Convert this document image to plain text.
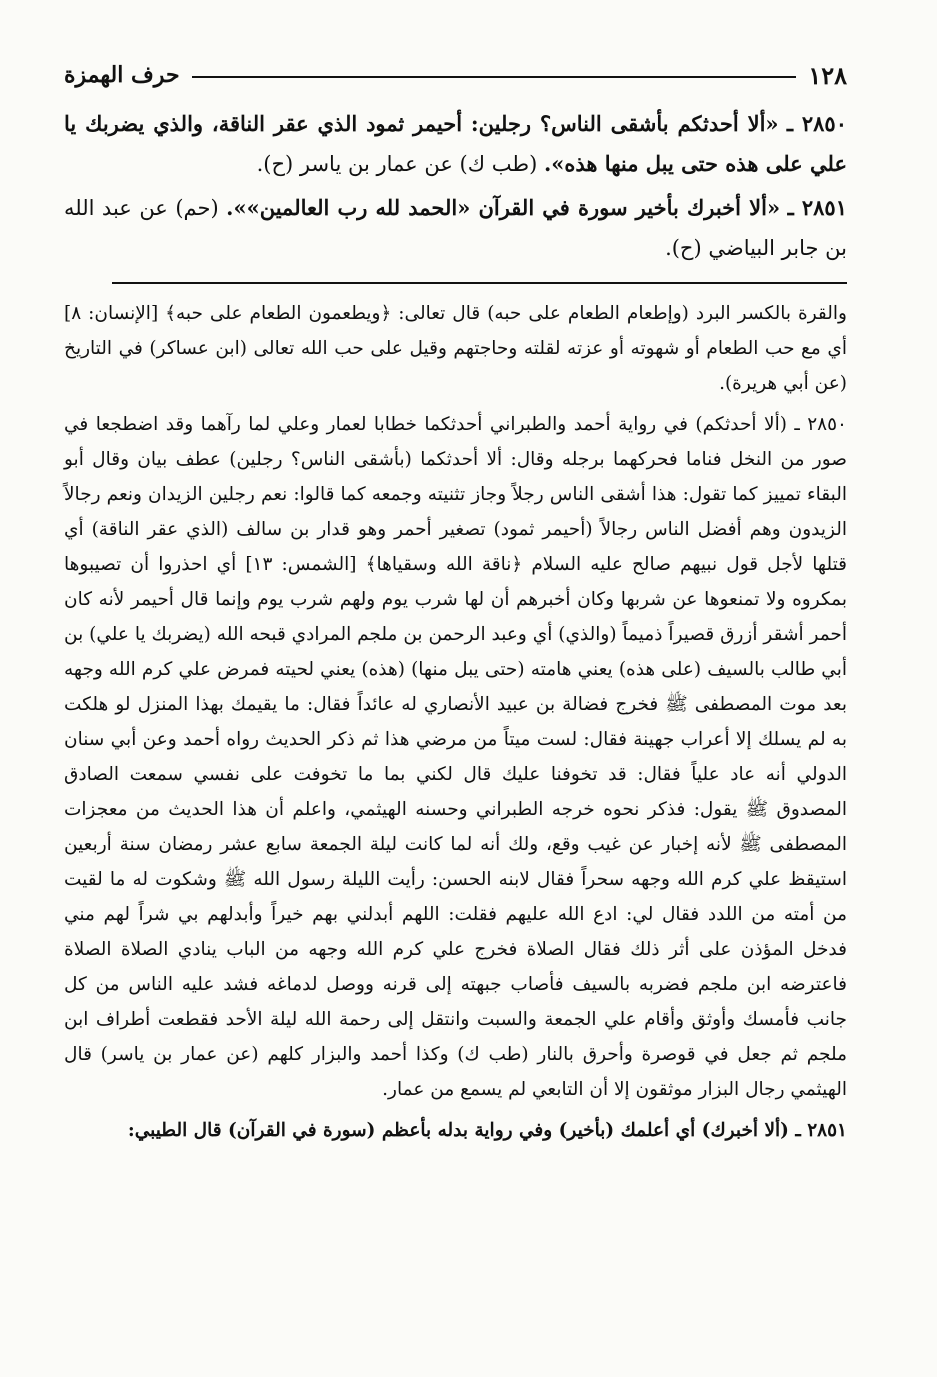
١٢٨
حرف الهمزة

٢٨٥٠ ـ «ألا أحدثكم بأشقى الناس؟ رجلين: أحيمر ثمود الذي عقر الناقة، والذي يضربك يا علي على هذه حتى يبل منها هذه». (طب ك) عن عمار بن ياسر (ح).

٢٨٥١ ـ «ألا أخبرك بأخير سورة في القرآن «الحمد لله رب العالمين»». (حم) عن عبد الله بن جابر البياضي (ح).

والقرة بالكسر البرد (وإطعام الطعام على حبه) قال تعالى: ﴿ويطعمون الطعام على حبه﴾ [الإنسان: ٨] أي مع حب الطعام أو شهوته أو عزته لقلته وحاجتهم وقيل على حب الله تعالى (ابن عساكر) في التاريخ (عن أبي هريرة).

٢٨٥٠ ـ (ألا أحدثكم) في رواية أحمد والطبراني أحدثكما خطابا لعمار وعلي لما رآهما وقد اضطجعا في صور من النخل فناما فحركهما برجله وقال: ألا أحدثكما (بأشقى الناس؟ رجلين) عطف بيان وقال أبو البقاء تمييز كما تقول: هذا أشقى الناس رجلاً وجاز تثنيته وجمعه كما قالوا: نعم رجلين الزيدان ونعم رجالاً الزيدون وهم أفضل الناس رجالاً (أحيمر ثمود) تصغير أحمر وهو قدار بن سالف (الذي عقر الناقة) أي قتلها لأجل قول نبيهم صالح عليه السلام ﴿ناقة الله وسقياها﴾ [الشمس: ١٣] أي احذروا أن تصيبوها بمكروه ولا تمنعوها عن شربها وكان أخبرهم أن لها شرب يوم ولهم شرب يوم وإنما قال أحيمر لأنه كان أحمر أشقر أزرق قصيراً ذميماً (والذي) أي وعبد الرحمن بن ملجم المرادي قبحه الله (يضربك يا علي) بن أبي طالب بالسيف (على هذه) يعني هامته (حتى يبل منها) (هذه) يعني لحيته فمرض علي كرم الله وجهه بعد موت المصطفى ﷺ فخرج فضالة بن عبيد الأنصاري له عائداً فقال: ما يقيمك بهذا المنزل لو هلكت به لم يسلك إلا أعراب جهينة فقال: لست ميتاً من مرضي هذا ثم ذكر الحديث رواه أحمد وعن أبي سنان الدولي أنه عاد علياً فقال: قد تخوفنا عليك قال لكني بما ما تخوفت على نفسي سمعت الصادق المصدوق ﷺ يقول: فذكر نحوه خرجه الطبراني وحسنه الهيثمي، واعلم أن هذا الحديث من معجزات المصطفى ﷺ لأنه إخبار عن غيب وقع، ولك أنه لما كانت ليلة الجمعة سابع عشر رمضان سنة أربعين استيقظ علي كرم الله وجهه سحراً فقال لابنه الحسن: رأيت الليلة رسول الله ﷺ وشكوت له ما لقيت من أمته من اللدد فقال لي: ادع الله عليهم فقلت: اللهم أبدلني بهم خيراً وأبدلهم بي شراً لهم مني فدخل المؤذن على أثر ذلك فقال الصلاة فخرج علي كرم الله وجهه من الباب ينادي الصلاة الصلاة فاعترضه ابن ملجم فضربه بالسيف فأصاب جبهته إلى قرنه ووصل لدماغه فشد عليه الناس من كل جانب فأمسك وأوثق وأقام علي الجمعة والسبت وانتقل إلى رحمة الله ليلة الأحد فقطعت أطراف ابن ملجم ثم جعل في قوصرة وأحرق بالنار (طب ك) وكذا أحمد والبزار كلهم (عن عمار بن ياسر) قال الهيثمي رجال البزار موثقون إلا أن التابعي لم يسمع من عمار.

٢٨٥١ ـ (ألا أخبرك) أي أعلمك (بأخير) وفي رواية بدله بأعظم (سورة في القرآن) قال الطيبي:
